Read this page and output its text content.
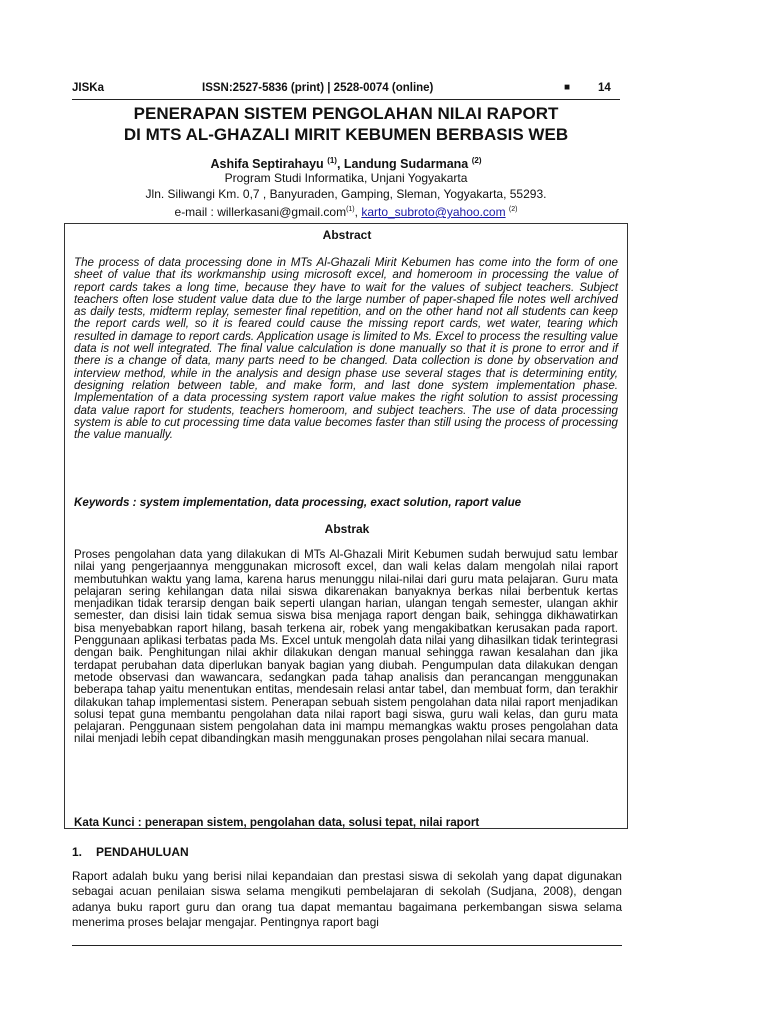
JISKa	ISSN:2527-5836 (print) | 2528-0074 (online)	■ 14
PENERAPAN SISTEM PENGOLAHAN NILAI RAPORT
DI MTS AL-GHAZALI MIRIT KEBUMEN BERBASIS WEB
Ashifa Septirahayu $^{(1)}$, Landung Sudarmana $^{(2)}$
Program Studi Informatika, Unjani Yogyakarta
Jln. Siliwangi Km. 0,7 , Banyuraden, Gamping, Sleman, Yogyakarta, 55293.
e-mail : willerkasani@gmail.com$^{(1)}$, karto_subroto@yahoo.com $^{(2)}$
Abstract
The process of data processing done in MTs Al-Ghazali Mirit Kebumen has come into the form of one sheet of value that its workmanship using microsoft excel, and homeroom in processing the value of report cards takes a long time, because they have to wait for the values of subject teachers. Subject teachers often lose student value data due to the large number of paper-shaped file notes well archived as daily tests, midterm replay, semester final repetition, and on the other hand not all students can keep the report cards well, so it is feared could cause the missing report cards, wet water, tearing which resulted in damage to report cards. Application usage is limited to Ms. Excel to process the resulting value data is not well integrated. The final value calculation is done manually so that it is prone to error and if there is a change of data, many parts need to be changed. Data collection is done by observation and interview method, while in the analysis and design phase use several stages that is determining entity, designing relation between table, and make form, and last done system implementation phase. Implementation of a data processing system raport value makes the right solution to assist processing data value raport for students, teachers homeroom, and subject teachers. The use of data processing system is able to cut processing time data value becomes faster than still using the process of processing the value manually.
Keywords : system implementation, data processing, exact solution, raport value
Abstrak
Proses pengolahan data yang dilakukan di MTs Al-Ghazali Mirit Kebumen sudah berwujud satu lembar nilai yang pengerjaannya menggunakan microsoft excel, dan wali kelas dalam mengolah nilai raport membutuhkan waktu yang lama, karena harus menunggu nilai-nilai dari guru mata pelajaran. Guru mata pelajaran sering kehilangan data nilai siswa dikarenakan banyaknya berkas nilai berbentuk kertas menjadikan tidak terarsip dengan baik seperti ulangan harian, ulangan tengah semester, ulangan akhir semester, dan disisi lain tidak semua siswa bisa menjaga raport dengan baik, sehingga dikhawatirkan bisa menyebabkan raport hilang, basah terkena air, robek yang mengakibatkan kerusakan pada raport. Penggunaan aplikasi terbatas pada Ms. Excel untuk mengolah data nilai yang dihasilkan tidak terintegrasi dengan baik. Penghitungan nilai akhir dilakukan dengan manual sehingga rawan kesalahan dan jika terdapat perubahan data diperlukan banyak bagian yang diubah. Pengumpulan data dilakukan dengan metode observasi dan wawancara, sedangkan pada tahap analisis dan perancangan menggunakan beberapa tahap yaitu menentukan entitas, mendesain relasi antar tabel, dan membuat form, dan terakhir dilakukan tahap implementasi sistem. Penerapan sebuah sistem pengolahan data nilai raport menjadikan solusi tepat guna membantu pengolahan data nilai raport bagi siswa, guru wali kelas, dan guru mata pelajaran. Penggunaan sistem pengolahan data ini mampu memangkas waktu proses pengolahan data nilai menjadi lebih cepat dibandingkan masih menggunakan proses pengolahan nilai secara manual.
Kata Kunci : penerapan sistem, pengolahan data, solusi tepat, nilai raport
1. PENDAHULUAN
Raport adalah buku yang berisi nilai kepandaian dan prestasi siswa di sekolah yang dapat digunakan sebagai acuan penilaian siswa selama mengikuti pembelajaran di sekolah (Sudjana, 2008), dengan adanya buku raport guru dan orang tua dapat memantau bagaimana perkembangan siswa selama menerima proses belajar mengajar. Pentingnya raport bagi
